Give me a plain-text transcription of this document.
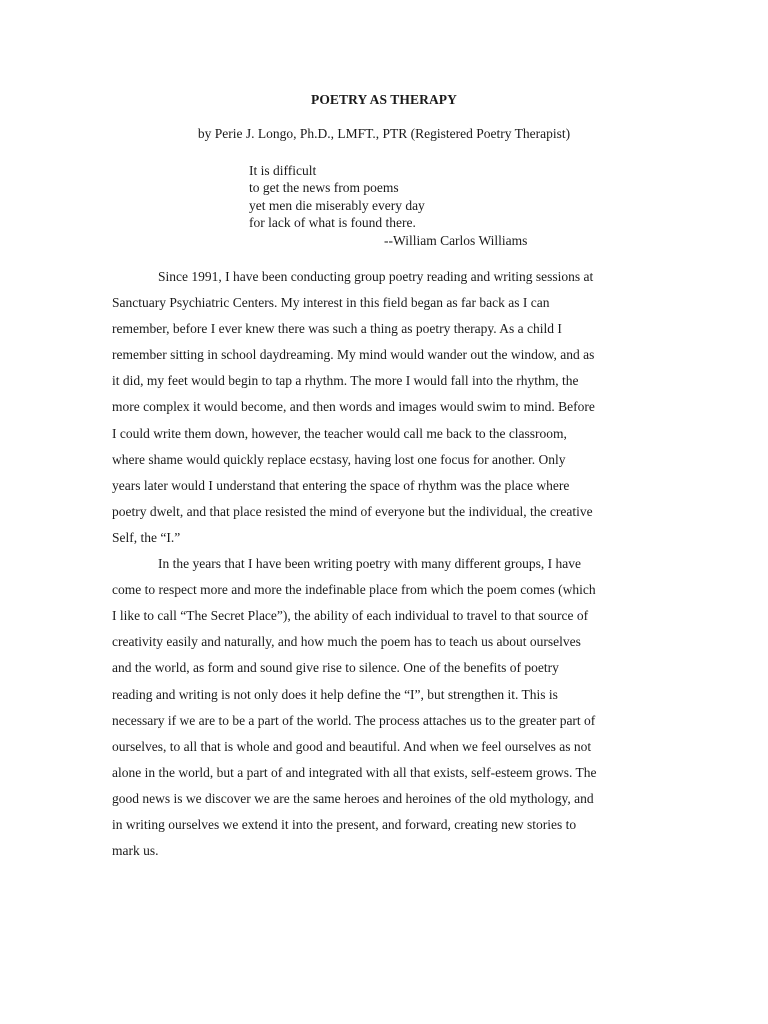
POETRY AS THERAPY
by Perie J. Longo, Ph.D., LMFT., PTR (Registered Poetry Therapist)
It is difficult
to get the news from poems
yet men die miserably every day
for lack of what is found there.
--William Carlos Williams
Since 1991, I have been conducting group poetry reading and writing sessions at
Sanctuary Psychiatric Centers. My interest in this field began as far back as I can
remember, before I ever knew there was such a thing as poetry therapy. As a child I
remember sitting in school daydreaming. My mind would wander out the window, and as
it did, my feet would begin to tap a rhythm. The more I would fall into the rhythm, the
more complex it would become, and then words and images would swim to mind. Before
I could write them down, however, the teacher would call me back to the classroom,
where shame would quickly replace ecstasy, having lost one focus for another. Only
years later would I understand that entering the space of rhythm was the place where
poetry dwelt, and that place resisted the mind of everyone but the individual, the creative
Self, the “I.”
In the years that I have been writing poetry with many different groups, I have
come to respect more and more the indefinable place from which the poem comes (which
I like to call “The Secret Place”), the ability of each individual to travel to that source of
creativity easily and naturally, and how much the poem has to teach us about ourselves
and the world, as form and sound give rise to silence. One of the benefits of poetry
reading and writing is not only does it help define the “I”, but strengthen it. This is
necessary if we are to be a part of the world. The process attaches us to the greater part of
ourselves, to all that is whole and good and beautiful. And when we feel ourselves as not
alone in the world, but a part of and integrated with all that exists, self-esteem grows. The
good news is we discover we are the same heroes and heroines of the old mythology, and
in writing ourselves we extend it into the present, and forward, creating new stories to
mark us.
